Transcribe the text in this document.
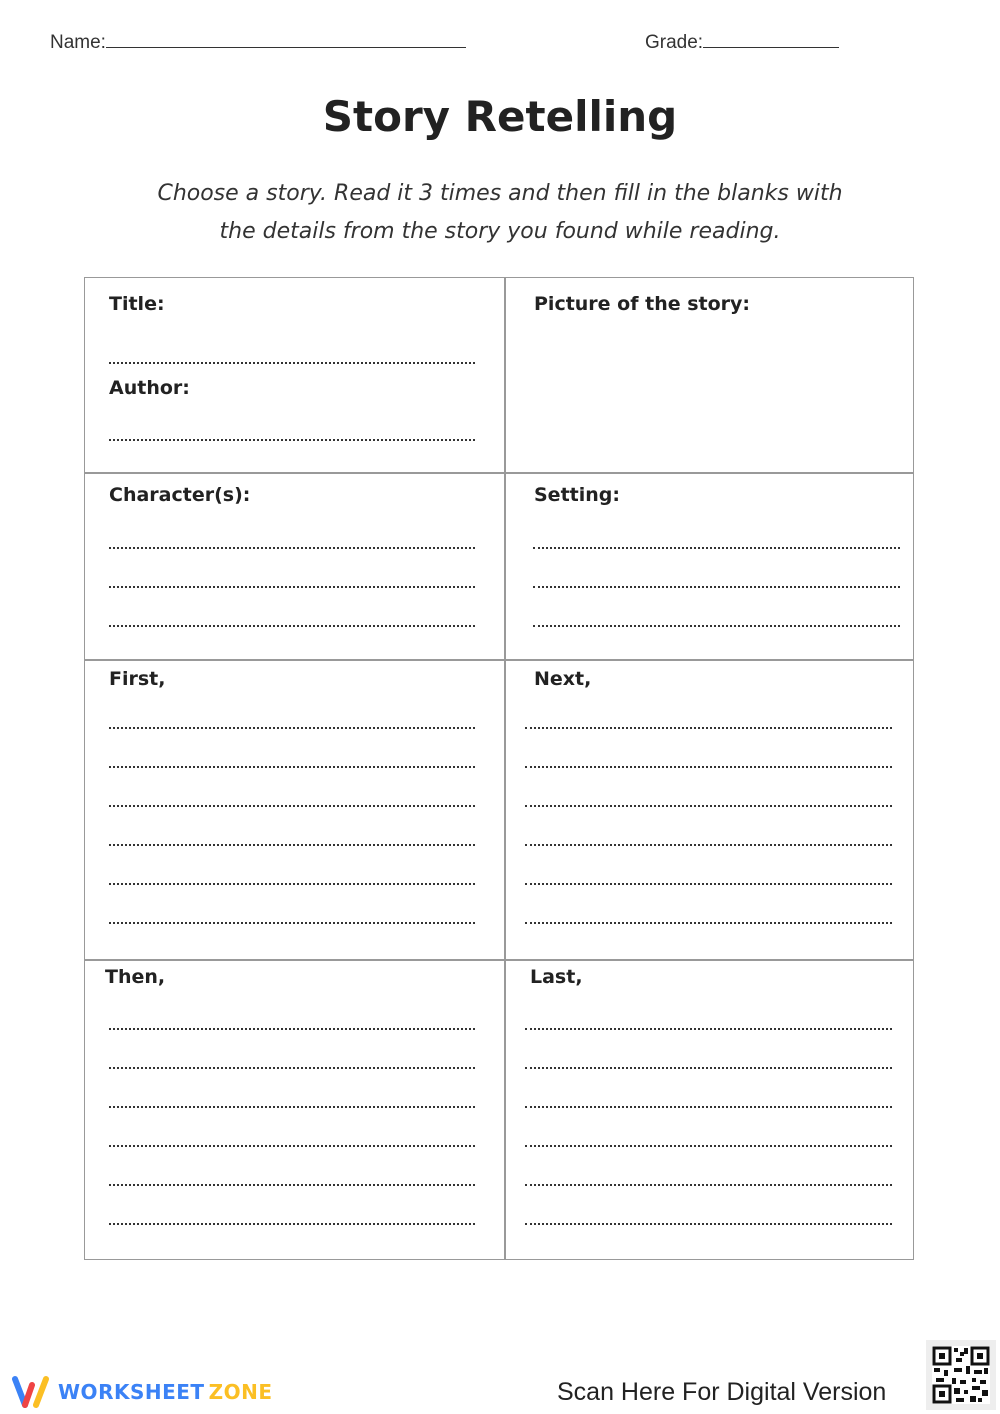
Name:	Grade:
Story Retelling
Choose a story. Read it 3 times and then fill in the blanks with
the details from the story you found while reading.
Title:
Author:
Picture of the story:
Character(s):	Setting:
First,	Next,
Then,	Last,
WORKSHEET ZONE	Scan Here For Digital Version
